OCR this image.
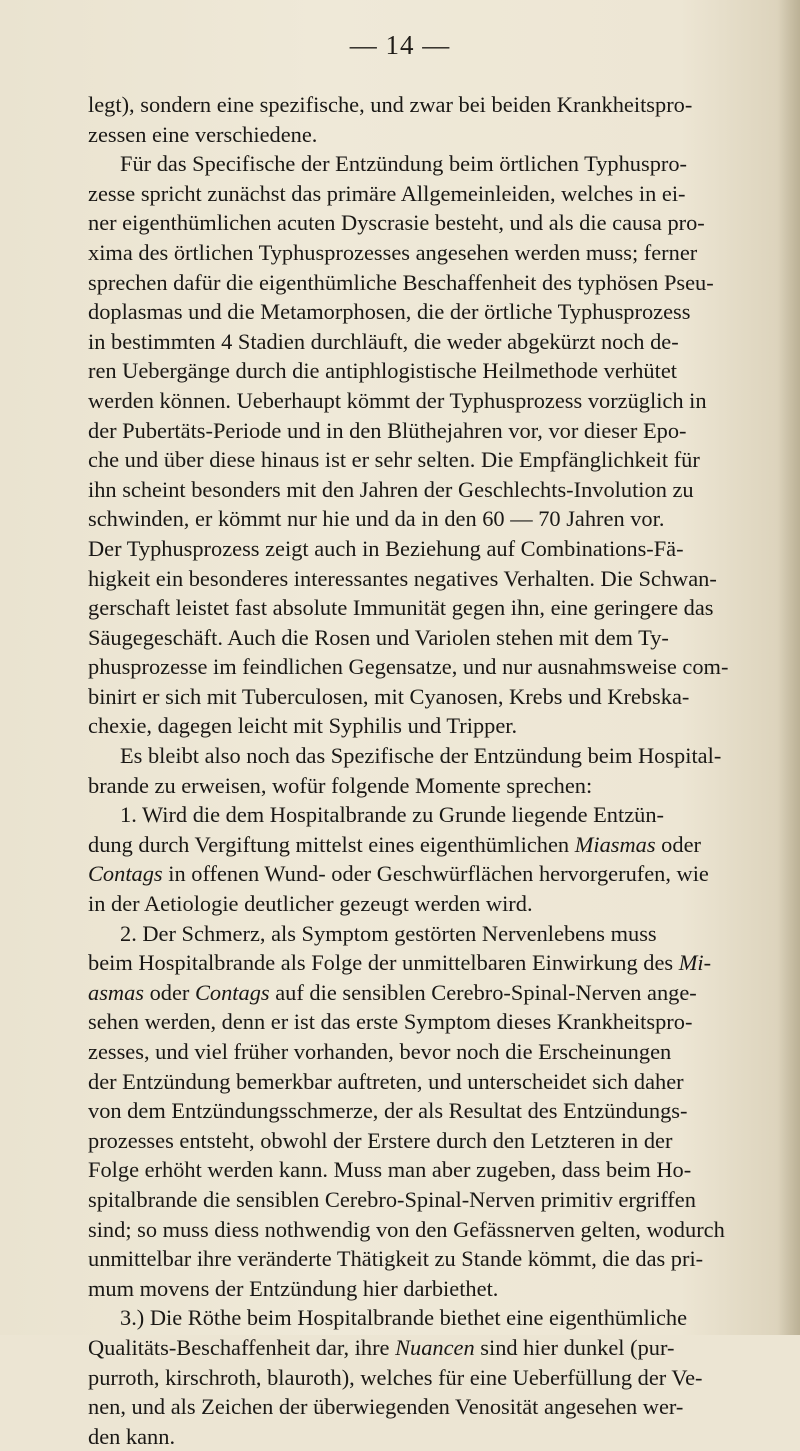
— 14 —
legt), sondern eine spezifische, und zwar bei beiden Krankheitspro-
zessen eine verschiedene.
Für das Specifische der Entzündung beim örtlichen Typhuspro-
zesse spricht zunächst das primäre Allgemeinleiden, welches in ei-
ner eigenthümlichen acuten Dyscrasie besteht, und als die causa pro-
xima des örtlichen Typhusprozesses angesehen werden muss; ferner
sprechen dafür die eigenthümliche Beschaffenheit des typhösen Pseu-
doplasmas und die Metamorphosen, die der örtliche Typhusprozess
in bestimmten 4 Stadien durchläuft, die weder abgekürzt noch de-
ren Uebergänge durch die antiphlogistische Heilmethode verhütet
werden können. Ueberhaupt kömmt der Typhusprozess vorzüglich in
der Pubertäts-Periode und in den Blüthejahren vor, vor dieser Epo-
che und über diese hinaus ist er sehr selten. Die Empfänglichkeit für
ihn scheint besonders mit den Jahren der Geschlechts-Involution zu
schwinden, er kömmt nur hie und da in den 60 — 70 Jahren vor.
Der Typhusprozess zeigt auch in Beziehung auf Combinations-Fä-
higkeit ein besonderes interessantes negatives Verhalten. Die Schwan-
gerschaft leistet fast absolute Immunität gegen ihn, eine geringere das
Säugegeschäft. Auch die Rosen und Variolen stehen mit dem Ty-
phusprozesse im feindlichen Gegensatze, und nur ausnahmsweise com-
binirt er sich mit Tuberculosen, mit Cyanosen, Krebs und Krebska-
chexie, dagegen leicht mit Syphilis und Tripper.
Es bleibt also noch das Spezifische der Entzündung beim Hospital-
brande zu erweisen, wofür folgende Momente sprechen:
1. Wird die dem Hospitalbrande zu Grunde liegende Entzün-
dung durch Vergiftung mittelst eines eigenthümlichen Miasmas oder
Contags in offenen Wund- oder Geschwürflächen hervorgerufen, wie
in der Aetiologie deutlicher gezeugt werden wird.
2. Der Schmerz, als Symptom gestörten Nervenlebens muss
beim Hospitalbrande als Folge der unmittelbaren Einwirkung des Mi-
asmas oder Contags auf die sensiblen Cerebro-Spinal-Nerven ange-
sehen werden, denn er ist das erste Symptom dieses Krankheitspro-
zesses, und viel früher vorhanden, bevor noch die Erscheinungen
der Entzündung bemerkbar auftreten, und unterscheidet sich daher
von dem Entzündungsschmerze, der als Resultat des Entzündungs-
prozesses entsteht, obwohl der Erstere durch den Letzteren in der
Folge erhöht werden kann. Muss man aber zugeben, dass beim Ho-
spitalbrande die sensiblen Cerebro-Spinal-Nerven primitiv ergriffen
sind; so muss diess nothwendig von den Gefässnerven gelten, wodurch
unmittelbar ihre veränderte Thätigkeit zu Stande kömmt, die das pri-
mum movens der Entzündung hier darbiethet.
3.) Die Röthe beim Hospitalbrande biethet eine eigenthümliche
Qualitäts-Beschaffenheit dar, ihre Nuancen sind hier dunkel (pur-
purroth, kirschroth, blauroth), welches für eine Ueberfüllung der Ve-
nen, und als Zeichen der überwiegenden Venosität angesehen wer-
den kann.
